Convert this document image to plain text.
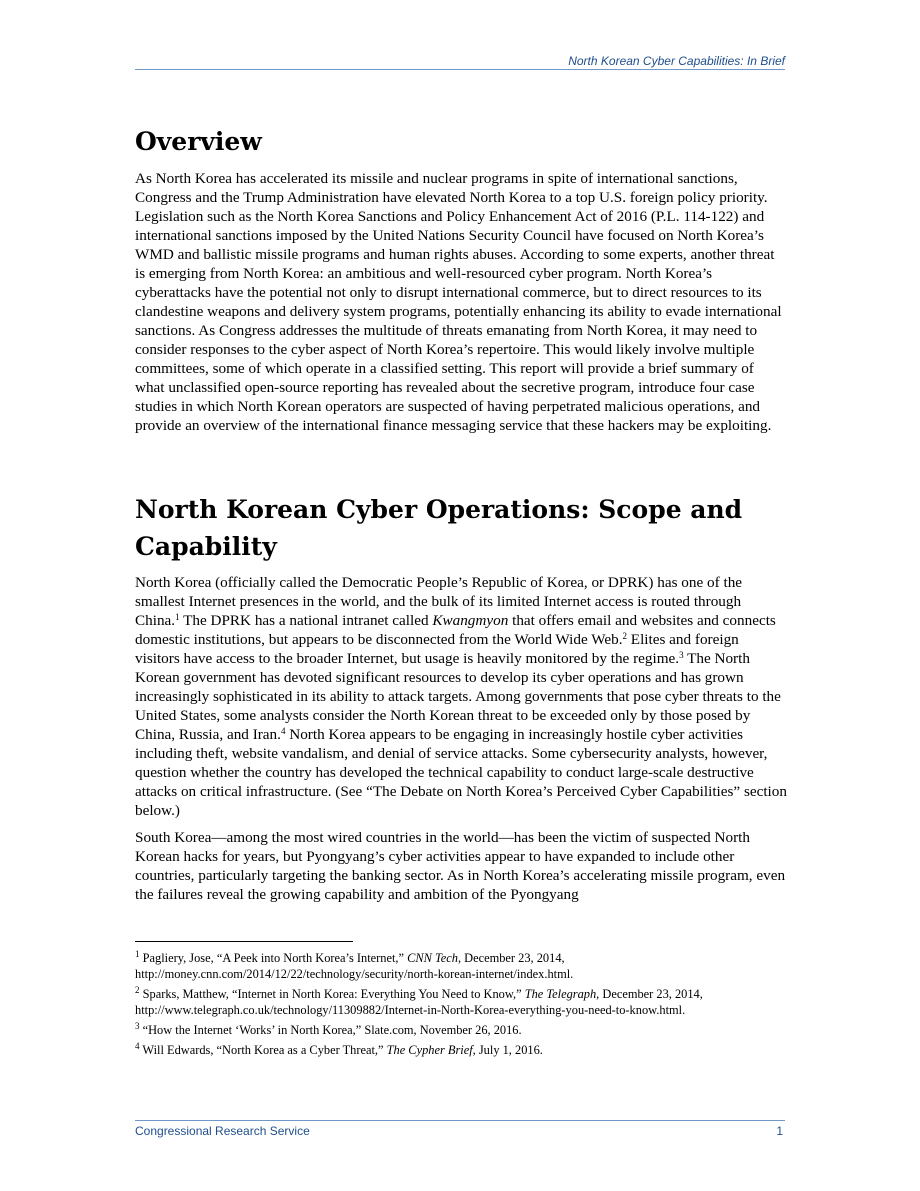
North Korean Cyber Capabilities: In Brief
Overview

As North Korea has accelerated its missile and nuclear programs in spite of international sanctions, Congress and the Trump Administration have elevated North Korea to a top U.S. foreign policy priority. Legislation such as the North Korea Sanctions and Policy Enhancement Act of 2016 (P.L. 114-122) and international sanctions imposed by the United Nations Security Council have focused on North Korea’s WMD and ballistic missile programs and human rights abuses. According to some experts, another threat is emerging from North Korea: an ambitious and well-resourced cyber program. North Korea’s cyberattacks have the potential not only to disrupt international commerce, but to direct resources to its clandestine weapons and delivery system programs, potentially enhancing its ability to evade international sanctions. As Congress addresses the multitude of threats emanating from North Korea, it may need to consider responses to the cyber aspect of North Korea’s repertoire. This would likely involve multiple committees, some of which operate in a classified setting. This report will provide a brief summary of what unclassified open-source reporting has revealed about the secretive program, introduce four case studies in which North Korean operators are suspected of having perpetrated malicious operations, and provide an overview of the international finance messaging service that these hackers may be exploiting.

North Korean Cyber Operations: Scope and Capability

North Korea (officially called the Democratic People’s Republic of Korea, or DPRK) has one of the smallest Internet presences in the world, and the bulk of its limited Internet access is routed through China.$^1$ The DPRK has a national intranet called Kwangmyon that offers email and websites and connects domestic institutions, but appears to be disconnected from the World Wide Web.$^2$ Elites and foreign visitors have access to the broader Internet, but usage is heavily monitored by the regime.$^3$ The North Korean government has devoted significant resources to develop its cyber operations and has grown increasingly sophisticated in its ability to attack targets. Among governments that pose cyber threats to the United States, some analysts consider the North Korean threat to be exceeded only by those posed by China, Russia, and Iran.$^4$ North Korea appears to be engaging in increasingly hostile cyber activities including theft, website vandalism, and denial of service attacks. Some cybersecurity analysts, however, question whether the country has developed the technical capability to conduct large-scale destructive attacks on critical infrastructure. (See “The Debate on North Korea’s Perceived Cyber Capabilities” section below.)

South Korea—among the most wired countries in the world—has been the victim of suspected North Korean hacks for years, but Pyongyang’s cyber activities appear to have expanded to include other countries, particularly targeting the banking sector. As in North Korea’s accelerating missile program, even the failures reveal the growing capability and ambition of the Pyongyang

$^1$ Pagliery, Jose, “A Peek into North Korea’s Internet,” CNN Tech, December 23, 2014, http://money.cnn.com/2014/12/22/technology/security/north-korean-internet/index.html.
$^2$ Sparks, Matthew, “Internet in North Korea: Everything You Need to Know,” The Telegraph, December 23, 2014, http://www.telegraph.co.uk/technology/11309882/Internet-in-North-Korea-everything-you-need-to-know.html.
$^3$ “How the Internet ‘Works’ in North Korea,” Slate.com, November 26, 2016.
$^4$ Will Edwards, “North Korea as a Cyber Threat,” The Cypher Brief, July 1, 2016.
Congressional Research Service	1
